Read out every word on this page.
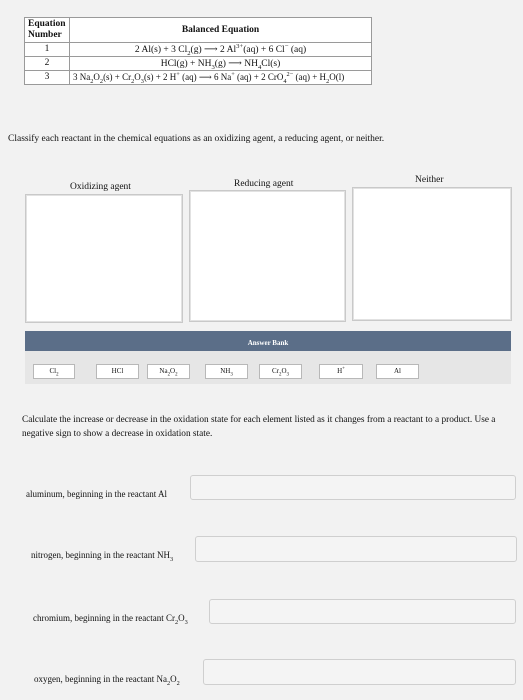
Equation Number	Balanced Equation
1	2 Al(s) + 3 $Cl_2(g)$ ⟶ 2 $Al^{3+}(aq) + 6$ Cl− (aq)
2	$HCl(g) + NH_3(g)$ ⟶ $NH_4Cl(s)$
3	3 $Na_2O_2(s) + Cr_2O_3(s) + 2$ H+ (aq) ⟶ 6 Na+ (aq) + 2 CrO$_4^{2-}$ $(aq) + H_2O(l)$
Classify each reactant in the chemical equations as an oxidizing agent, a reducing agent, or neither.
Oxidizing agent	Reducing agent	Neither
Answer Bank
$Cl_2$	HCl	$Na_2O_2$	$NH_3$	$Cr_2O_3$	H+	Al
Calculate the increase or decrease in the oxidation state for each element listed as it changes from a reactant to a product. Use a negative sign to show a decrease in oxidation state.
aluminum, beginning in the reactant Al
nitrogen, beginning in the reactant $NH_3$
chromium, beginning in the reactant $Cr_2O_3$
oxygen, beginning in the reactant $Na_2O_2$
